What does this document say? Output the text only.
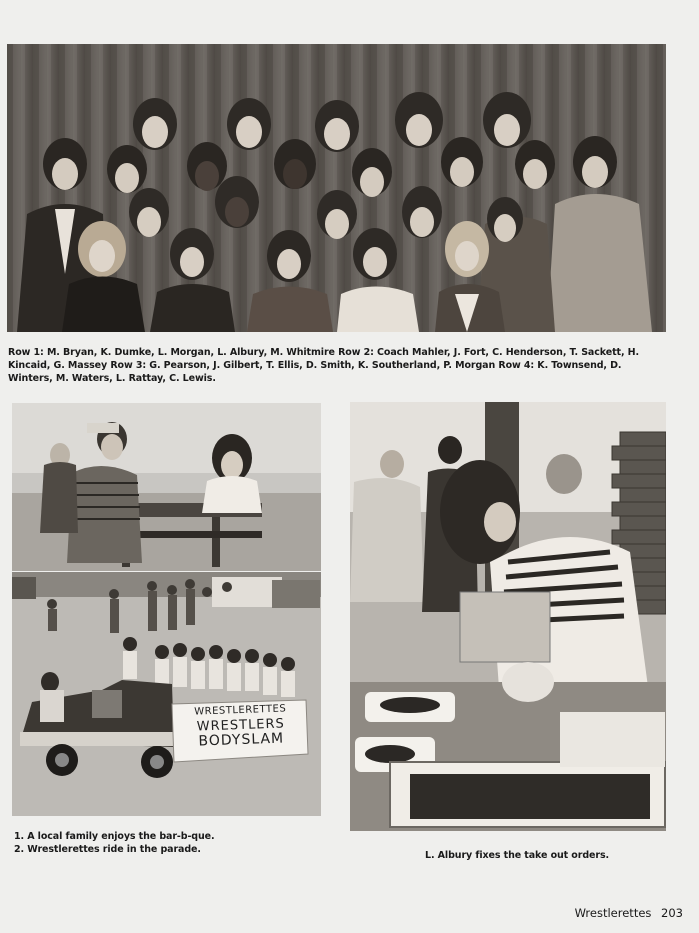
Row 1: M. Bryan, K. Dumke, L. Morgan, L. Albury, M. Whitmire Row 2: Coach Mahler, J. Fort, C. Henderson, T. Sackett, H. Kincaid, G. Massey Row 3: G. Pearson, J. Gilbert, T. Ellis, D. Smith, K. Southerland, P. Morgan Row 4: K. Townsend, D. Winters, M. Waters, L. Rattay, C. Lewis.
WRESTLERETTES
WRESTLERS
BODYSLAM
1. A local family enjoys the bar-b-que.
2. Wrestlerettes ride in the parade.
L. Albury fixes the take out orders.
Wrestlerettes 203
